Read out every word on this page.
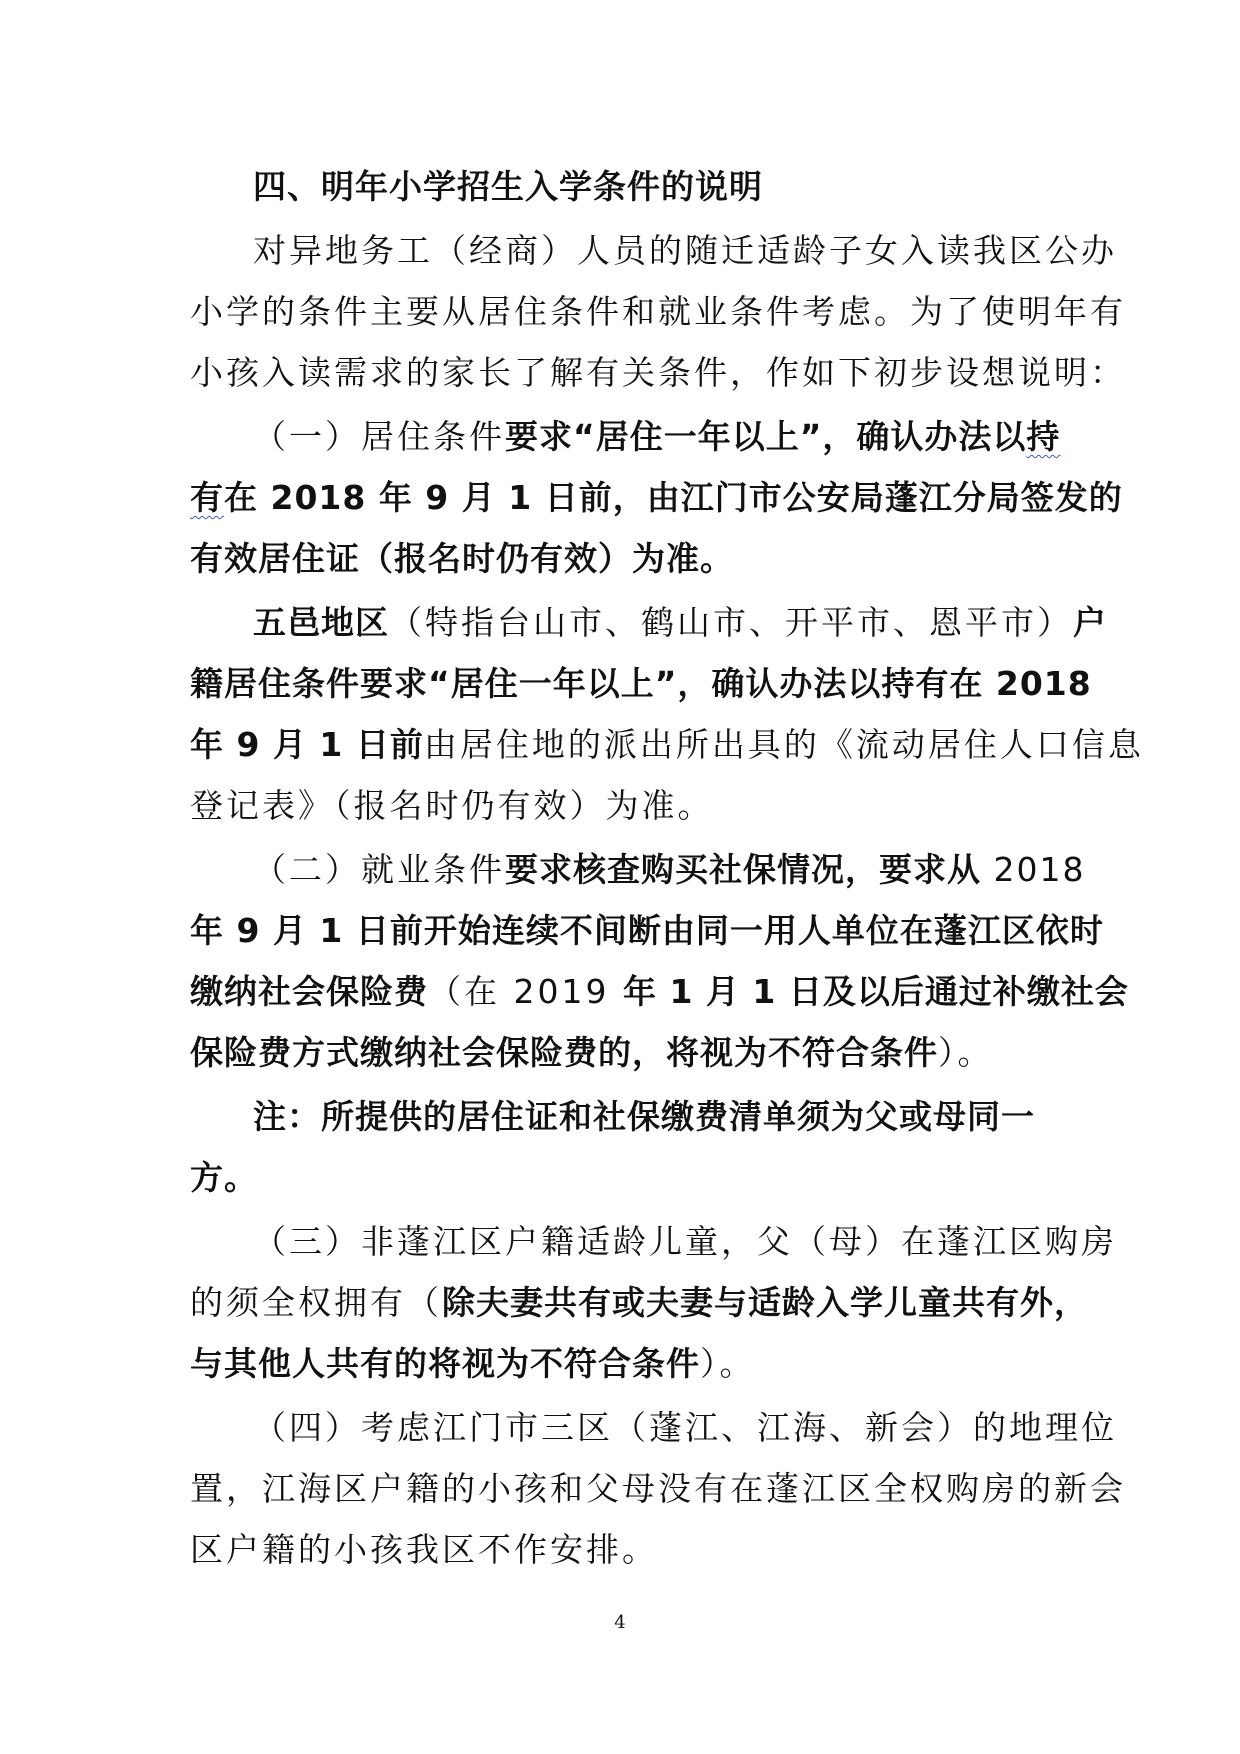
四、明年小学招生入学条件的说明
对异地务工（经商）人员的随迁适龄子女入读我区公办
小学的条件主要从居住条件和就业条件考虑。为了使明年有
小孩入读需求的家长了解有关条件，作如下初步设想说明：
（一）居住条件要求“居住一年以上”，确认办法以持
有在 2018 年 9 月 1 日前，由江门市公安局蓬江分局签发的
有效居住证（报名时仍有效）为准。
五邑地区（特指台山市、鹤山市、开平市、恩平市）户
籍居住条件要求“居住一年以上”，确认办法以持有在 2018
年 9 月 1 日前由居住地的派出所出具的《流动居住人口信息
登记表》（报名时仍有效）为准。
（二）就业条件要求核查购买社保情况，要求从 2018
年 9 月 1 日前开始连续不间断由同一用人单位在蓬江区依时
缴纳社会保险费（在 2019 年 1 月 1 日及以后通过补缴社会
保险费方式缴纳社会保险费的，将视为不符合条件）。
注：所提供的居住证和社保缴费清单须为父或母同一
方。
（三）非蓬江区户籍适龄儿童，父（母）在蓬江区购房
的须全权拥有（除夫妻共有或夫妻与适龄入学儿童共有外，
与其他人共有的将视为不符合条件）。
（四）考虑江门市三区（蓬江、江海、新会）的地理位
置，江海区户籍的小孩和父母没有在蓬江区全权购房的新会
区户籍的小孩我区不作安排。
4
